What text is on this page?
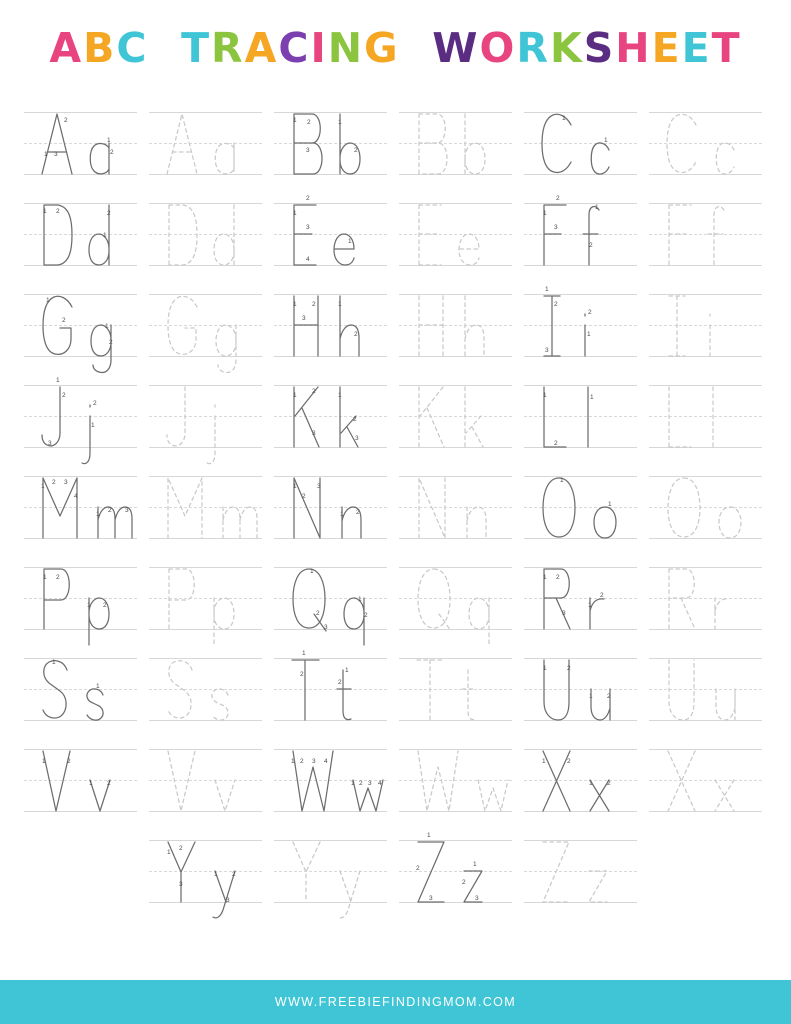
ABC TRACING WORKSHEET
1
2
3
1
2
1 2
3
1
2
1
1
1 2
1
2	1
2
3
4
1
1
2
3
1
2
1
2
1
2
1 2
3
1
2
1
2
3
1
2
1
2
3
1
2
1
2
3
1
2
3
1
2
1
1
2 3
4
1
2 3
1
2
3
1 2
1
1
1 2
1 2
1
2
3
1
2
1 2
3
1
2
1
1
1
2
1
2
1	2
1 2
1	2
1 2
1 2 3 4
1 2 3 4
1	2
1 2
1
2
3
1 2
3
1
2
3
1
2
3
WWW.FREEBIEFINDINGMOM.COM
